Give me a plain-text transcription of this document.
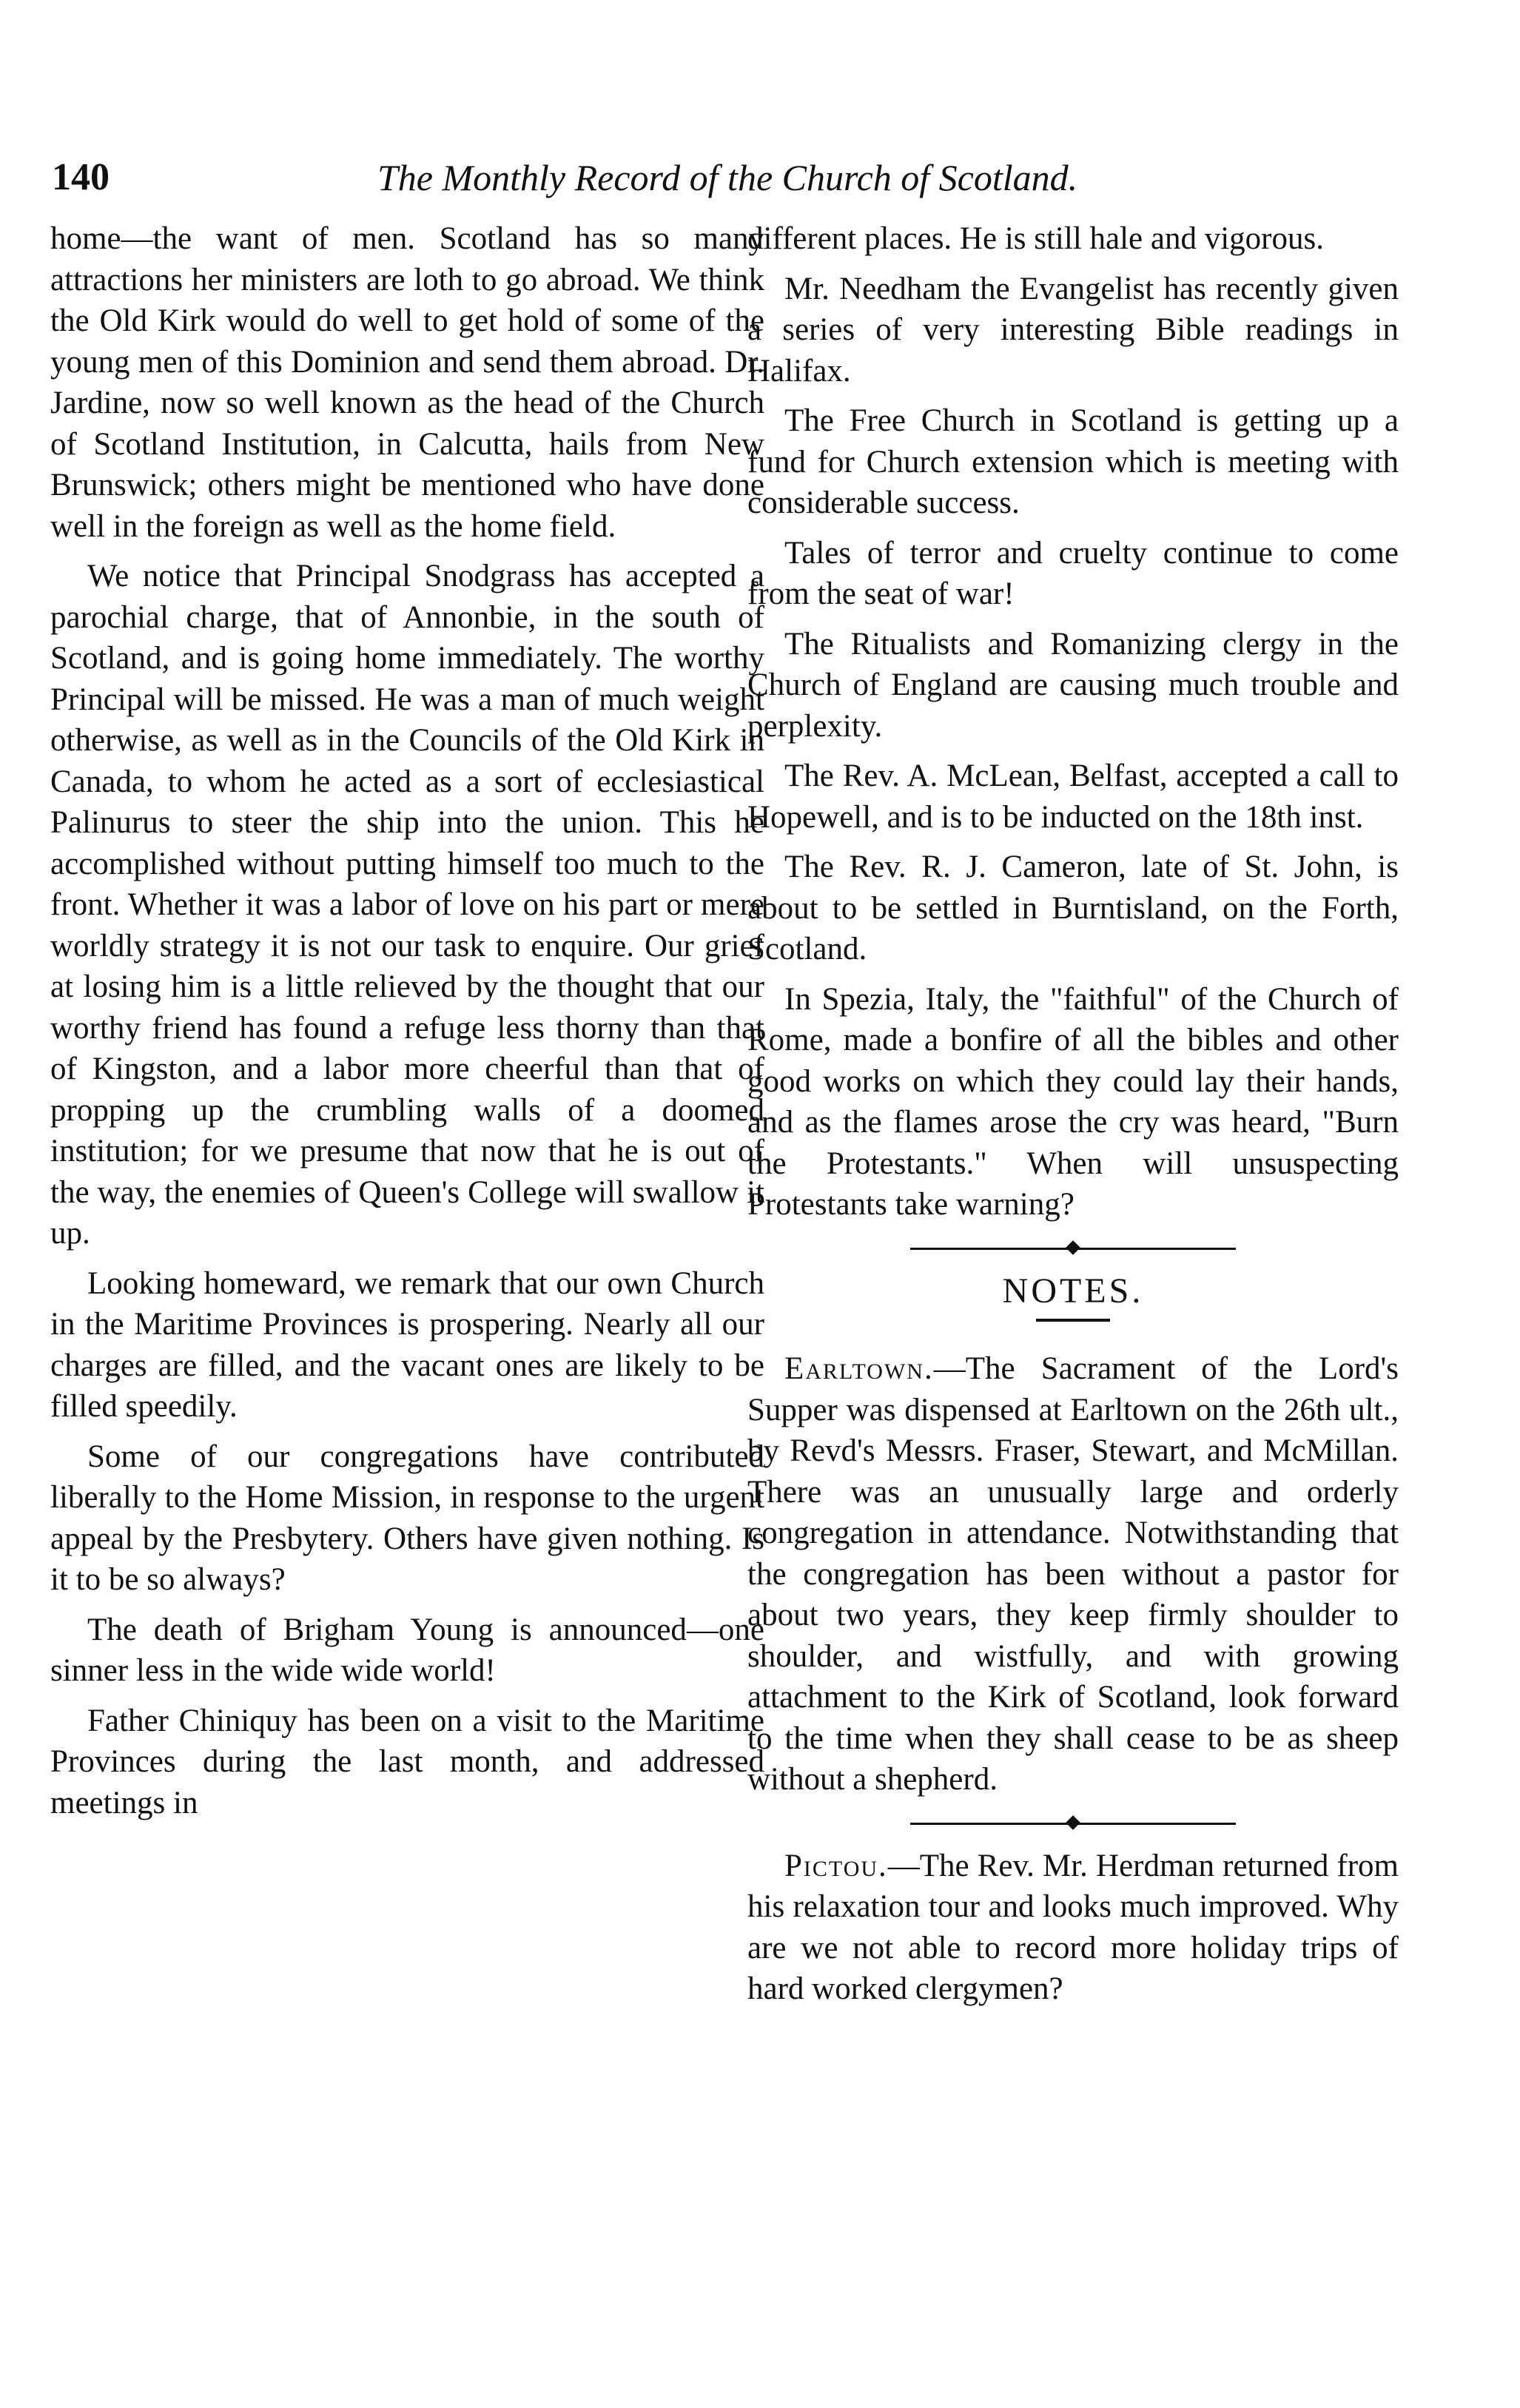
140	The Monthly Record of the Church of Scotland.

home—the want of men. Scotland has so many attractions her ministers are loth to go abroad. We think the Old Kirk would do well to get hold of some of the young men of this Dominion and send them abroad. Dr. Jardine, now so well known as the head of the Church of Scotland Institution, in Calcutta, hails from New Brunswick; others might be mentioned who have done well in the foreign as well as the home field.

We notice that Principal Snodgrass has accepted a parochial charge, that of Annonbie, in the south of Scotland, and is going home immediately. The worthy Principal will be missed. He was a man of much weight otherwise, as well as in the Councils of the Old Kirk in Canada, to whom he acted as a sort of ecclesiastical Palinurus to steer the ship into the union. This he accomplished without putting himself too much to the front. Whether it was a labor of love on his part or mere worldly strategy it is not our task to enquire. Our grief at losing him is a little relieved by the thought that our worthy friend has found a refuge less thorny than that of Kingston, and a labor more cheerful than that of propping up the crumbling walls of a doomed institution; for we presume that now that he is out of the way, the enemies of Queen's College will swallow it up.

Looking homeward, we remark that our own Church in the Maritime Provinces is prospering. Nearly all our charges are filled, and the vacant ones are likely to be filled speedily.

Some of our congregations have contributed liberally to the Home Mission, in response to the urgent appeal by the Presbytery. Others have given nothing. Is it to be so always?

The death of Brigham Young is announced—one sinner less in the wide wide world!

Father Chiniquy has been on a visit to the Maritime Provinces during the last month, and addressed meetings in

different places. He is still hale and vigorous.

Mr. Needham the Evangelist has recently given a series of very interesting Bible readings in Halifax.

The Free Church in Scotland is getting up a fund for Church extension which is meeting with considerable success.

Tales of terror and cruelty continue to come from the seat of war!

The Ritualists and Romanizing clergy in the Church of England are causing much trouble and perplexity.

The Rev. A. McLean, Belfast, accepted a call to Hopewell, and is to be inducted on the 18th inst.

The Rev. R. J. Cameron, late of St. John, is about to be settled in Burntisland, on the Forth, Scotland.

In Spezia, Italy, the "faithful" of the Church of Rome, made a bonfire of all the bibles and other good works on which they could lay their hands, and as the flames arose the cry was heard, "Burn the Protestants." When will unsuspecting Protestants take warning?

NOTES.

Earltown.—The Sacrament of the Lord's Supper was dispensed at Earltown on the 26th ult., by Revd's Messrs. Fraser, Stewart, and McMillan. There was an unusually large and orderly congregation in attendance. Notwithstanding that the congregation has been without a pastor for about two years, they keep firmly shoulder to shoulder, and wistfully, and with growing attachment to the Kirk of Scotland, look forward to the time when they shall cease to be as sheep without a shepherd.

Pictou.—The Rev. Mr. Herdman returned from his relaxation tour and looks much improved. Why are we not able to record more holiday trips of hard worked clergymen?
